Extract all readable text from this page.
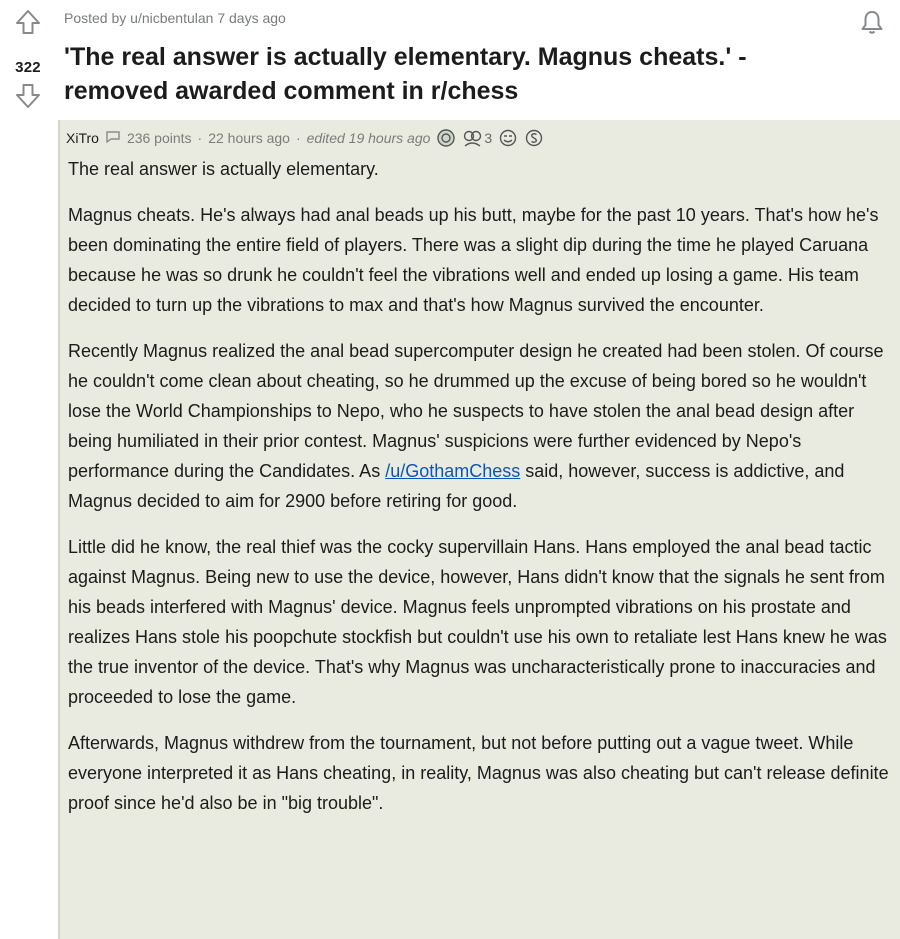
322
Posted by u/nicbentulan 7 days ago
'The real answer is actually elementary. Magnus cheats.' - removed awarded comment in r/chess
XiTro 236 points · 22 hours ago · edited 19 hours ago	3

The real answer is actually elementary.

Magnus cheats. He's always had anal beads up his butt, maybe for the past 10 years. That's how he's been dominating the entire field of players. There was a slight dip during the time he played Caruana because he was so drunk he couldn't feel the vibrations well and ended up losing a game. His team decided to turn up the vibrations to max and that's how Magnus survived the encounter.

Recently Magnus realized the anal bead supercomputer design he created had been stolen. Of course he couldn't come clean about cheating, so he drummed up the excuse of being bored so he wouldn't lose the World Championships to Nepo, who he suspects to have stolen the anal bead design after being humiliated in their prior contest. Magnus' suspicions were further evidenced by Nepo's performance during the Candidates. As /u/GothamChess said, however, success is addictive, and Magnus decided to aim for 2900 before retiring for good.

Little did he know, the real thief was the cocky supervillain Hans. Hans employed the anal bead tactic against Magnus. Being new to use the device, however, Hans didn't know that the signals he sent from his beads interfered with Magnus' device. Magnus feels unprompted vibrations on his prostate and realizes Hans stole his poopchute stockfish but couldn't use his own to retaliate lest Hans knew he was the true inventor of the device. That's why Magnus was uncharacteristically prone to inaccuracies and proceeded to lose the game.

Afterwards, Magnus withdrew from the tournament, but not before putting out a vague tweet. While everyone interpreted it as Hans cheating, in reality, Magnus was also cheating but can't release definite proof since he'd also be in "big trouble".
